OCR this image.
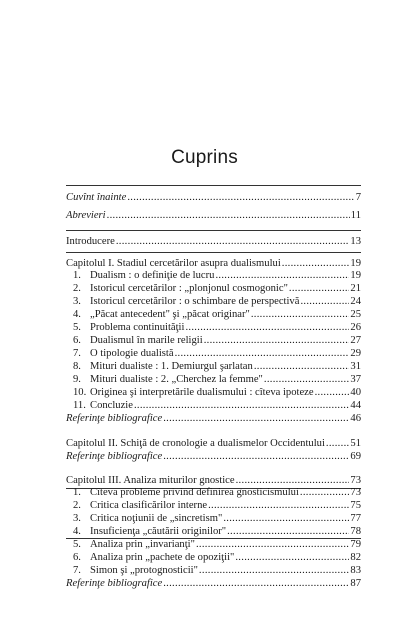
Cuprins
Cuvînt înainte .....	7
Abrevieri .....	11
Introducere .....	13
Capitolul I. Stadiul cercetărilor asupra dualismului .....	19
1. Dualism : o definiţie de lucru .....	19
2. Istoricul cercetărilor : „plonjonul cosmogonic" .....	21
3. Istoricul cercetărilor : o schimbare de perspectivă .....	24
4. „Păcat antecedent" şi „păcat originar" .....	25
5. Problema continuităţii .....	26
6. Dualismul în marile religii .....	27
7. O tipologie dualistă .....	29
8. Mituri dualiste : 1. Demiurgul şarlatan .....	31
9. Mituri dualiste : 2. „Cherchez la femme" .....	37
10. Originea şi interpretările dualismului : cîteva ipoteze .....	40
11. Concluzie .....	44
Referinţe bibliografice .....	46
Capitolul II. Schiţă de cronologie a dualismelor Occidentului ..... 51
Referinţe bibliografice .....	69
Capitolul III. Analiza miturilor gnostice .....	73
1. Cîteva probleme privind definirea gnosticismului .....	73
2. Critica clasificărilor interne .....	75
3. Critica noţiunii de „sincretism" .....	77
4. Insuficienţa „căutării originilor" .....	78
5. Analiza prin „invarianţi" .....	79
6. Analiza prin „pachete de opoziţii" .....	82
7. Simon şi „protognosticii" .....	83
Referinţe bibliografice .....	87
